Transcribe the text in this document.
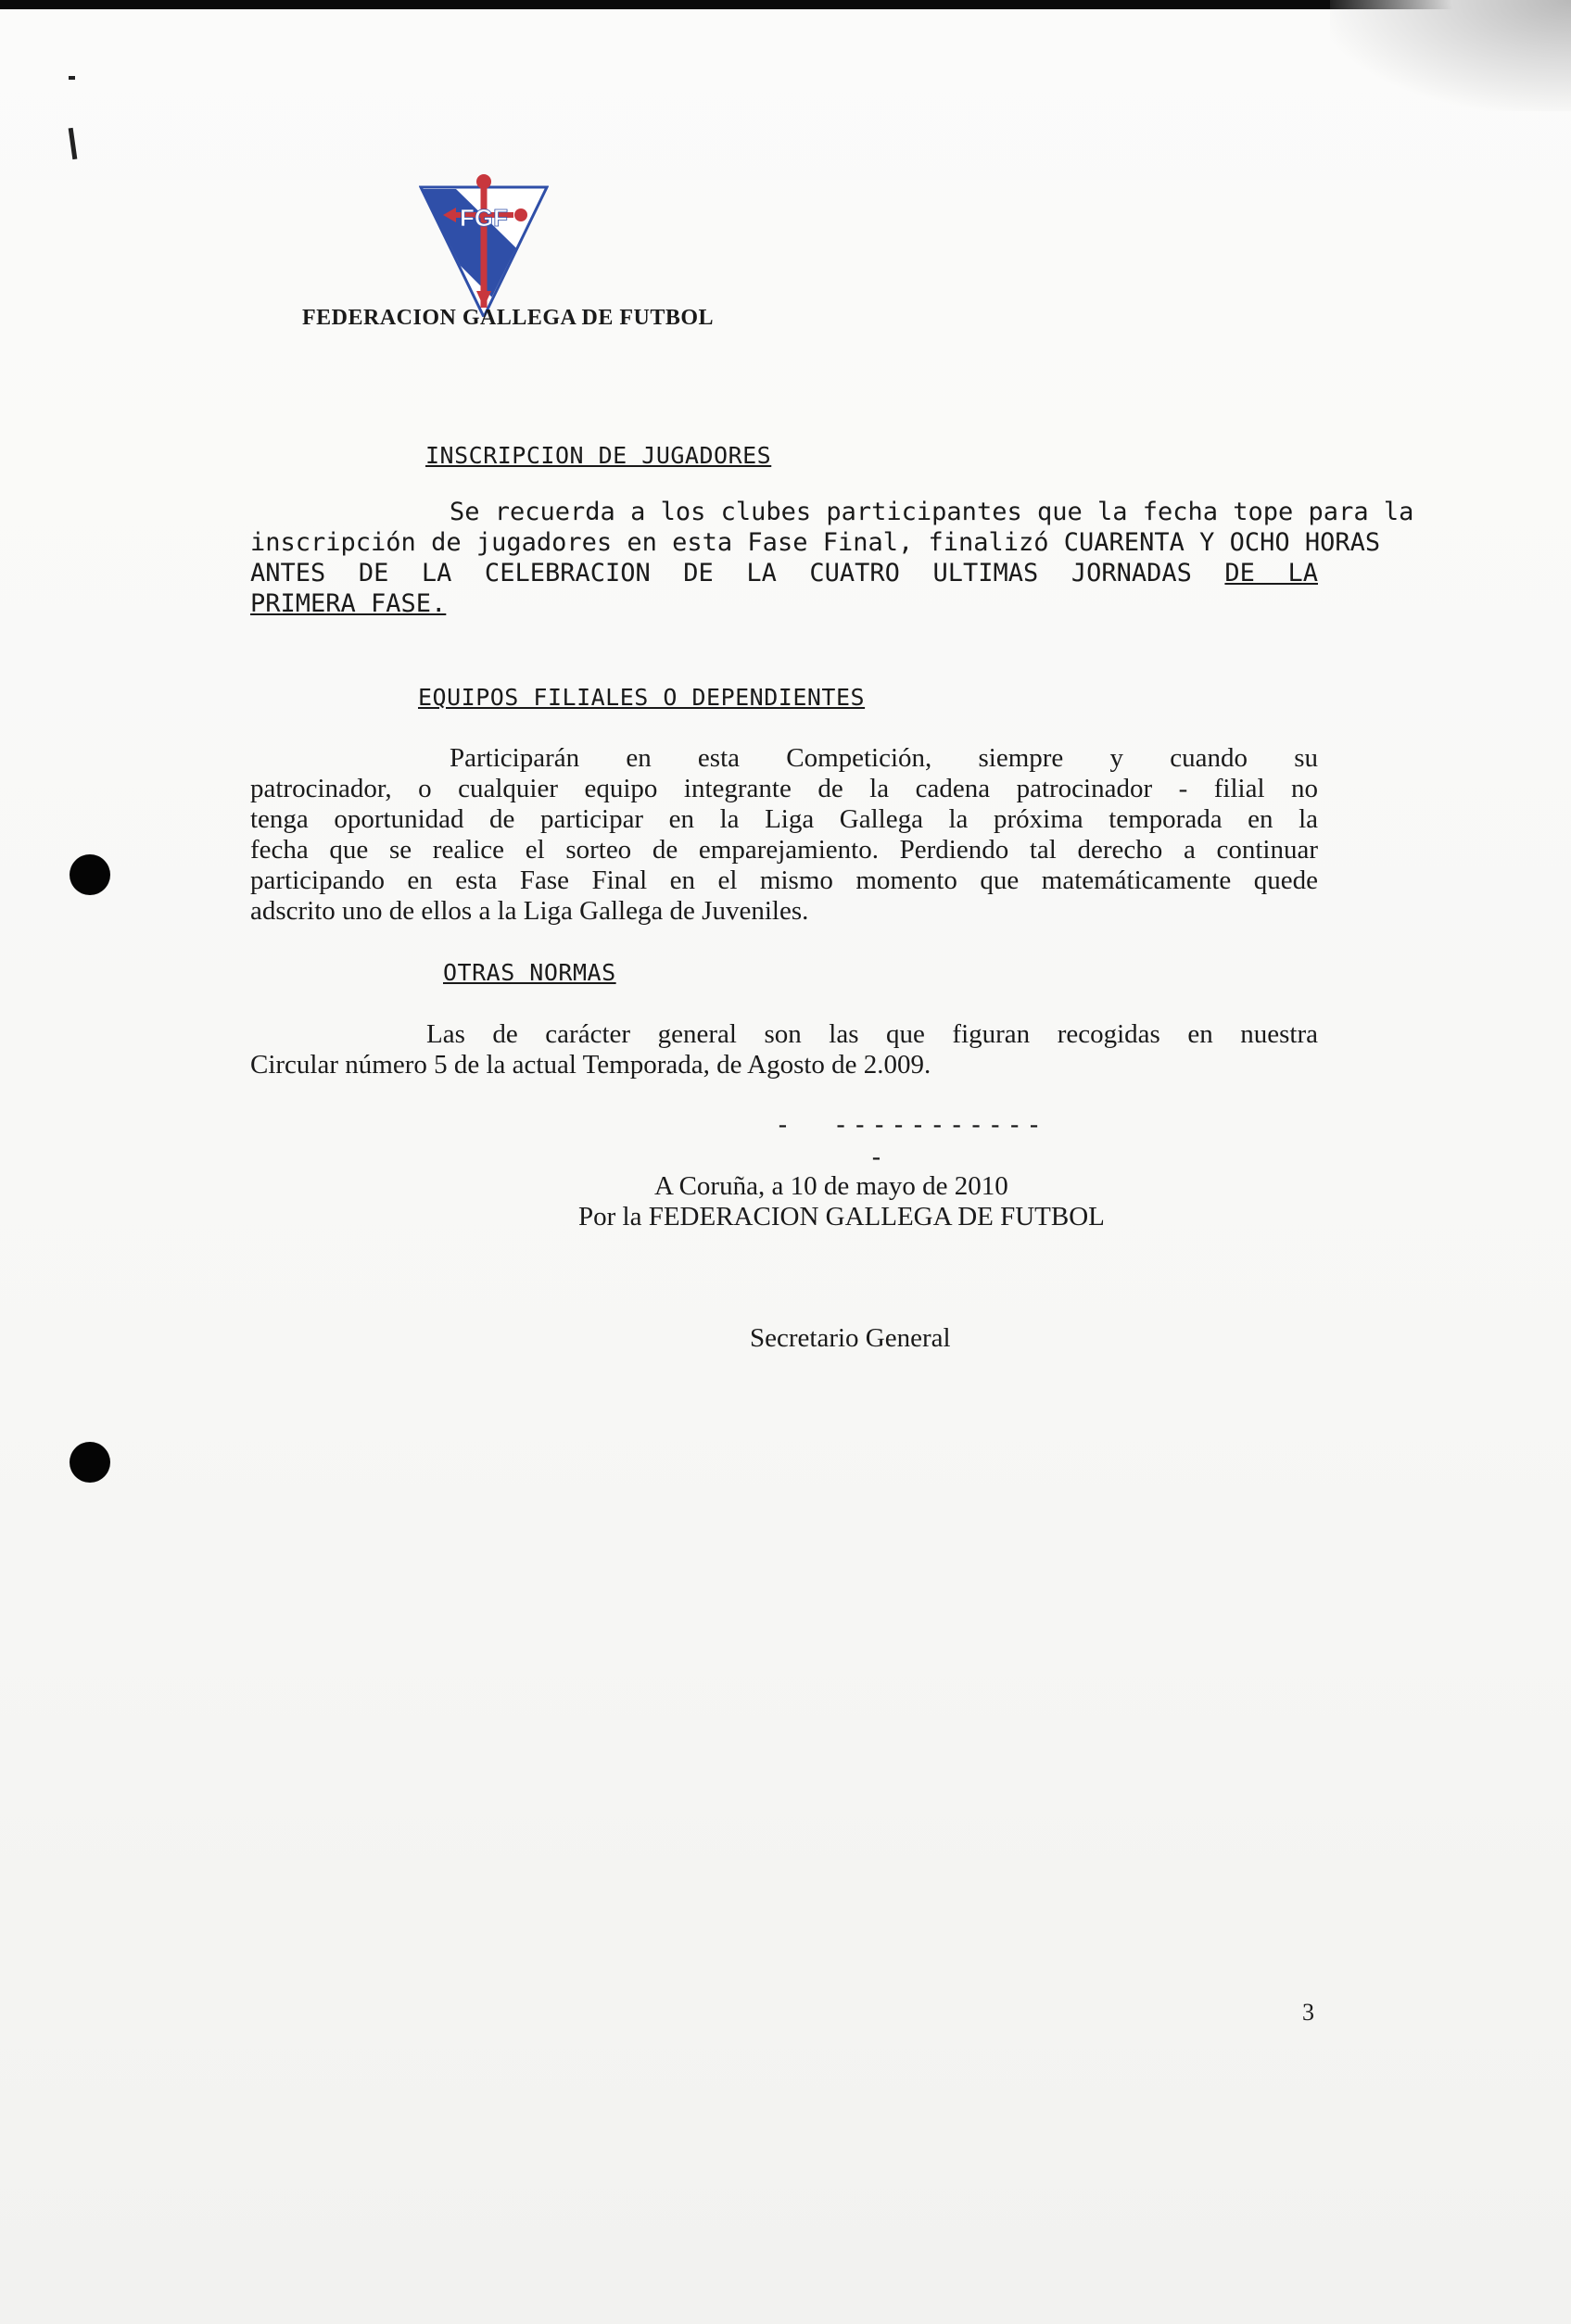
FGF
FEDERACION GALLEGA DE FUTBOL
INSCRIPCION DE JUGADORES
Se recuerda a los clubes participantes que la fecha tope para la
inscripción de jugadores en esta Fase Final, finalizó CUARENTA Y OCHO HORAS
ANTES DE LA CELEBRACION DE LA CUATRO ULTIMAS JORNADAS DE LA
PRIMERA FASE.
EQUIPOS FILIALES O DEPENDIENTES
Participarán en esta Competición, siempre y cuando su
patrocinador, o cualquier equipo integrante de la cadena patrocinador - filial no
tenga oportunidad de participar en la Liga Gallega la próxima temporada en la
fecha que se realice el sorteo de emparejamiento. Perdiendo tal derecho a continuar
participando en esta Fase Final en el mismo momento que matemáticamente quede
adscrito uno de ellos a la Liga Gallega de Juveniles.
OTRAS NORMAS
Las de carácter general son las que figuran recogidas en nuestra
Circular número 5 de la actual Temporada, de Agosto de 2.009.
-  -----------
-
A Coruña, a 10 de mayo de 2010
Por la FEDERACION GALLEGA DE FUTBOL
Secretario General
3
